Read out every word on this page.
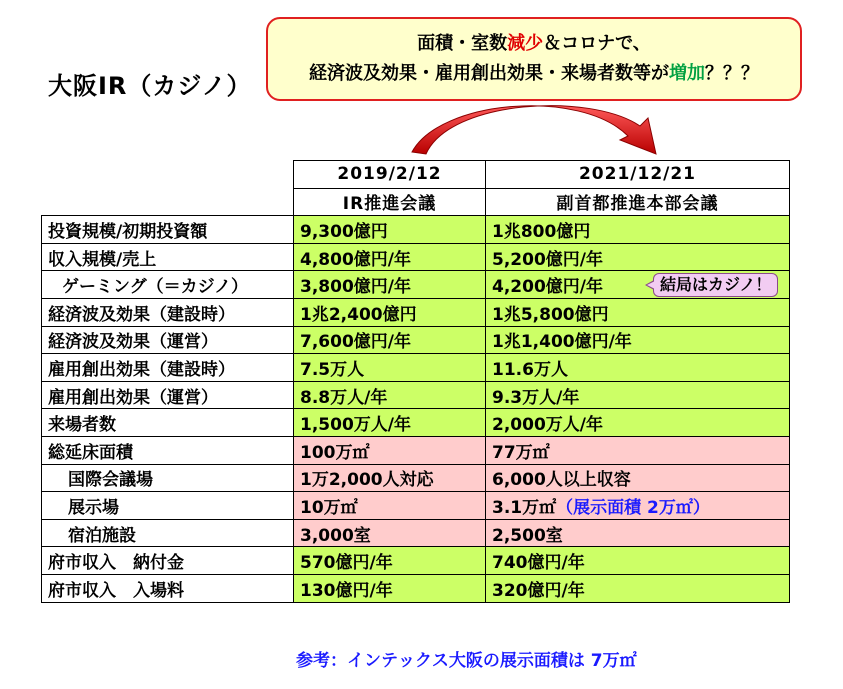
大阪IR（カジノ）
面積・室数減少＆コロナで、
経済波及効果・雇用創出効果・来場者数等が増加？？？
	2019/2/12	2021/12/21
	IR推進会議	副首都推進本部会議
投資規模/初期投資額	9,300億円	1兆800億円
収入規模/売上	4,800億円/年	5,200億円/年
ゲーミング（＝カジノ）	3,800億円/年	4,200億円/年 結局はカジノ！

経済波及効果（建設時）	1兆2,400億円	1兆5,800億円
経済波及効果（運営）	7,600億円/年	1兆1,400億円/年
雇用創出効果（建設時）	7.5万人	11.6万人
雇用創出効果（運営）	8.8万人/年	9.3万人/年
来場者数	1,500万人/年	2,000万人/年
総延床面積	100万㎡	77万㎡
国際会議場	1万2,000人対応	6,000人以上収容
展示場	10万㎡	3.1万㎡（展示面積 2万㎡）
宿泊施設	3,000室	2,500室
府市収入　納付金	570億円/年	740億円/年
府市収入　入場料	130億円/年	320億円/年
参考：インテックス大阪の展示面積は 7万㎡
